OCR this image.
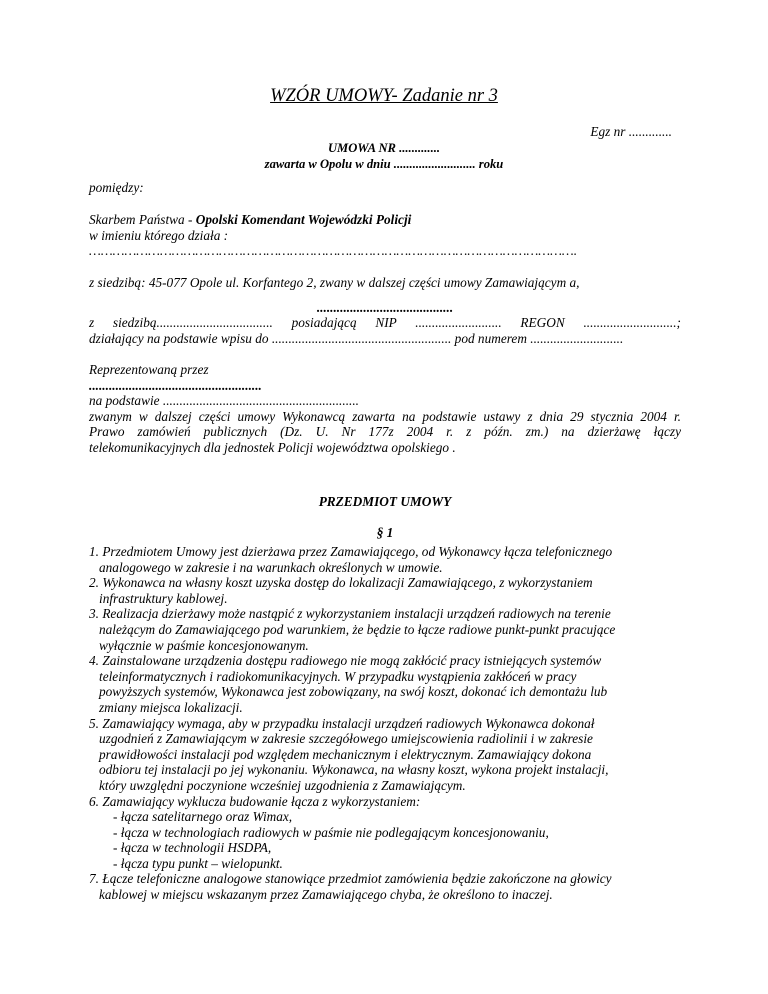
WZÓR UMOWY- Zadanie nr 3
Egz nr .............
UMOWA NR .............
zawarta w Opolu w dniu .......................... roku
pomiędzy:
Skarbem Państwa - Opolski Komendant Wojewódzki Policji
w imieniu którego działa :
…………………………………………………………………………………………………………….
z siedzibą: 45-077 Opole ul. Korfantego 2, zwany w dalszej części umowy Zamawiającym a,
.........................................
z siedzibą................................... posiadającą NIP .......................... REGON ............................;
działający na podstawie wpisu do ...................................................... pod numerem ............................
Reprezentowaną przez
....................................................
na podstawie ...........................................................
zwanym w dalszej części umowy Wykonawcą zawarta na podstawie ustawy z dnia 29 stycznia 2004 r.
Prawo zamówień publicznych (Dz. U. Nr 177z 2004 r. z późn. zm.) na dzierżawę łączy
telekomunikacyjnych dla jednostek Policji województwa opolskiego .
PRZEDMIOT UMOWY
§ 1
1. Przedmiotem Umowy jest dzierżawa przez Zamawiającego, od Wykonawcy łącza telefonicznego
analogowego w zakresie i na warunkach określonych w umowie.
2. Wykonawca na własny koszt uzyska dostęp do lokalizacji Zamawiającego, z wykorzystaniem
infrastruktury kablowej.
3. Realizacja dzierżawy może nastąpić z wykorzystaniem instalacji urządzeń radiowych na terenie
należącym do Zamawiającego pod warunkiem, że będzie to łącze radiowe punkt-punkt pracujące
wyłącznie w paśmie koncesjonowanym.
4. Zainstalowane urządzenia dostępu radiowego nie mogą zakłócić pracy istniejących systemów
teleinformatycznych i radiokomunikacyjnych. W przypadku wystąpienia zakłóceń w pracy
powyższych systemów, Wykonawca jest zobowiązany, na swój koszt, dokonać ich demontażu lub
zmiany miejsca lokalizacji.
5. Zamawiający wymaga, aby w przypadku instalacji urządzeń radiowych Wykonawca dokonał
uzgodnień z Zamawiającym w zakresie szczegółowego umiejscowienia radiolinii i w zakresie
prawidłowości instalacji pod względem mechanicznym i elektrycznym. Zamawiający dokona
odbioru tej instalacji po jej wykonaniu. Wykonawca, na własny koszt, wykona projekt instalacji,
który uwzględni poczynione wcześniej uzgodnienia z Zamawiającym.
6. Zamawiający wyklucza budowanie łącza z wykorzystaniem:
- łącza satelitarnego oraz Wimax,
- łącza w technologiach radiowych w paśmie nie podlegającym koncesjonowaniu,
- łącza w technologii HSDPA,
- łącza typu punkt – wielopunkt.
7. Łącze telefoniczne analogowe stanowiące przedmiot zamówienia będzie zakończone na głowicy
kablowej w miejscu wskazanym przez Zamawiającego chyba, że określono to inaczej.
